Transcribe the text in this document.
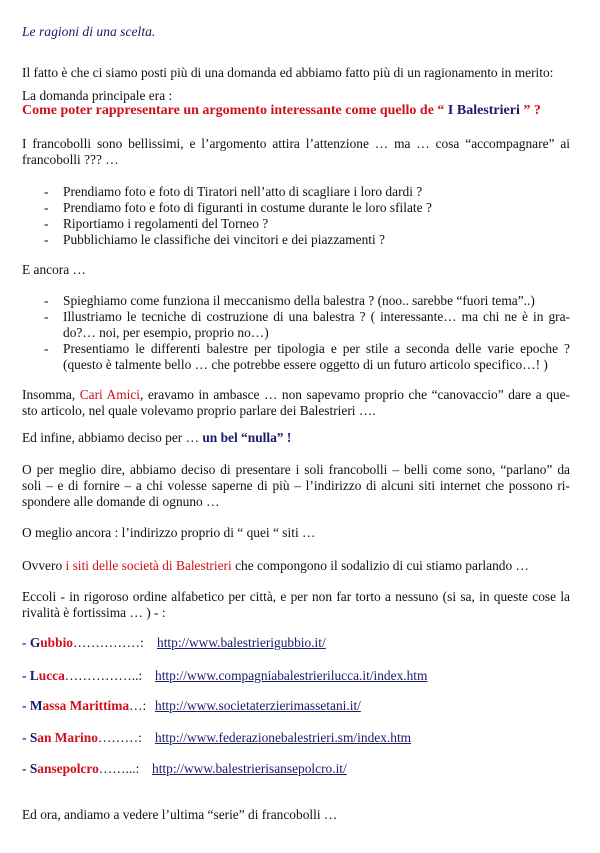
Le ragioni di una scelta.
Il fatto è che ci siamo posti più di una domanda ed abbiamo fatto più di un ragionamento in merito:
La domanda principale era :
Come poter rappresentare un argomento interessante come quello de “ I Balestrieri ” ?
I francobolli sono bellissimi, e l’argomento attira l’attenzione … ma … cosa “accompagnare” ai
francobolli ??? …
- Prendiamo foto e foto di Tiratori nell’atto di scagliare i loro dardi ?
- Prendiamo foto e foto di figuranti in costume durante le loro sfilate ?
- Riportiamo i regolamenti del Torneo ?
- Pubblichiamo le classifiche dei vincitori e dei piazzamenti ?
E ancora …
- Spieghiamo come funziona il meccanismo della balestra ? (noo.. sarebbe “fuori tema”..)
- Illustriamo le tecniche di costruzione di una balestra ? ( interessante… ma chi ne è in gra-
do?… noi, per esempio, proprio no…)
- Presentiamo le differenti balestre per tipologia e per stile a seconda delle varie epoche ?
(questo è talmente bello … che potrebbe essere oggetto di un futuro articolo specifico…! )
Insomma, Cari Amici, eravamo in ambasce … non sapevamo proprio che “canovaccio” dare a que-
sto articolo, nel quale volevamo proprio parlare dei Balestrieri ….
Ed infine, abbiamo deciso per … un bel “nulla” !
O per meglio dire, abbiamo deciso di presentare i soli francobolli – belli come sono, “parlano” da
soli – e di fornire – a chi volesse saperne di più – l’indirizzo di alcuni siti internet che possono ri-
spondere alle domande di ognuno …
O meglio ancora : l’indirizzo proprio di “ quei “ siti …
Ovvero i siti delle società di Balestrieri che compongono il sodalizio di cui stiamo parlando …
Eccoli - in rigoroso ordine alfabetico per città, e per non far torto a nessuno (si sa, in queste cose la
rivalità è fortissima … ) - :
- Gubbio……………: http://www.balestrierigubbio.it/
- Lucca……………..: http://www.compagniabalestrierilucca.it/index.htm
- Massa Marittima…: http://www.societaterzierimassetani.it/
- San Marino………: http://www.federazionebalestrieri.sm/index.htm
- Sansepolcro……...: http://www.balestrierisansepolcro.it/
Ed ora, andiamo a vedere l’ultima “serie” di francobolli …
